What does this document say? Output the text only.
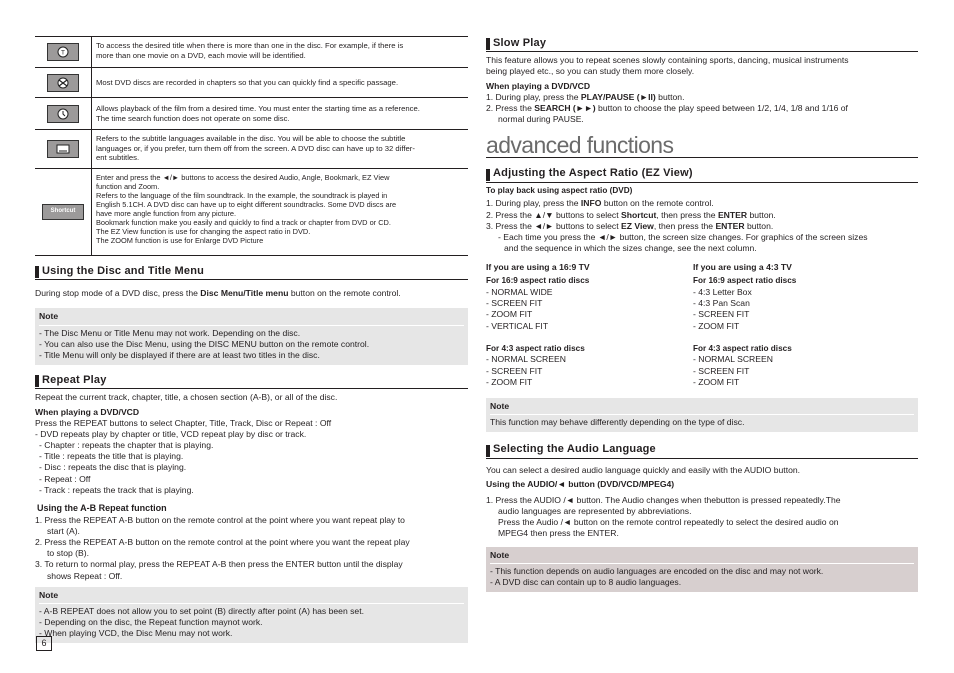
T
To access the desired title when there is more than one in the disc. For example, if there is
more than one movie on a DVD, each movie will be identified.
Most DVD discs are recorded in chapters so that you can quickly find a specific passage.
Allows playback of the film from a desired time. You must enter the starting time as a reference.
The time search function does not operate on some disc.
Refers to the subtitle languages available in the disc. You will be able to choose the subtitle
languages or, if you prefer, turn them off from the screen. A DVD disc can have up to 32 differ-
ent subtitles.
Shortcut
Enter and press the ◄/► buttons to access the desired Audio, Angle, Bookmark, EZ View
function and Zoom.
Refers to the language of the film soundtrack. In the example, the soundtrack is played in
English 5.1CH. A DVD disc can have up to eight different soundtracks. Some DVD discs are
have more angle function from any picture.
Bookmark function make you easily and quickly to find a track or chapter from DVD or CD.
The EZ View function is use for changing the aspect ratio in DVD.
The ZOOM function is use for Enlarge DVD Picture
Using the Disc and Title Menu
During stop mode of a DVD disc, press the Disc Menu/Title menu button on the remote control.
Note
- The Disc Menu or Title Menu may not work. Depending on the disc.
- You can also use the Disc Menu, using the DISC MENU button on the remote control.
- Title Menu will only be displayed if there are at least two titles in the disc.
Repeat Play
Repeat the current track, chapter, title, a chosen section (A-B), or all of the disc.
When playing a DVD/VCD
Press the REPEAT buttons to select Chapter, Title, Track, Disc or Repeat : Off
- DVD repeats play by chapter or title, VCD repeat play by disc or track.
- Chapter : repeats the chapter that is playing.
- Title : repeats the title that is playing.
- Disc : repeats the disc that is playing.
- Repeat : Off
- Track : repeats the track that is playing.
Using the A-B Repeat function
1. Press the REPEAT A-B button on the remote control at the point where you want repeat play to
start (A).
2. Press the REPEAT A-B button on the remote control at the point where you want the repeat play
to stop (B).
3. To return to normal play, press the REPEAT A-B then press the ENTER button until the display
shows Repeat : Off.
Note
- A-B REPEAT does not allow you to set point (B) directly after point (A) has been set.
- Depending on the disc, the Repeat function maynot work.
- When playing VCD, the Disc Menu may not work.
6
Slow Play
This feature allows you to repeat scenes slowly containing sports, dancing, musical instruments
being played etc., so you can study them more closely.
When playing a DVD/VCD
1. During play, press the PLAY/PAUSE (►II) button.
2. Press the SEARCH (►►) button to choose the play speed between 1/2, 1/4, 1/8 and 1/16 of
normal during PAUSE.
advanced functions
Adjusting the Aspect Ratio (EZ View)
To play back using aspect ratio (DVD)
1. During play, press the INFO button on the remote control.
2. Press the ▲/▼ buttons to select Shortcut, then press the ENTER button.
3. Press the ◄/► buttons to select EZ View, then press the ENTER button.
- Each time you press the ◄/► button, the screen size changes. For graphics of the screen sizes
and the sequence in which the sizes change, see the next column.
If you are using a 16:9 TV
For 16:9 aspect ratio discs
- NORMAL WIDE
- SCREEN FIT
- ZOOM FIT
- VERTICAL FIT
For 4:3 aspect ratio discs
- NORMAL SCREEN
- SCREEN FIT
- ZOOM FIT
If you are using a 4:3 TV
For 16:9 aspect ratio discs
- 4:3 Letter Box
- 4:3 Pan Scan
- SCREEN FIT
- ZOOM FIT
For 4:3 aspect ratio discs
- NORMAL SCREEN
- SCREEN FIT
- ZOOM FIT
Note
This function may behave differently depending on the type of disc.
Selecting the Audio Language
You can select a desired audio language quickly and easily with the AUDIO button.
Using the AUDIO/◄ button (DVD/VCD/MPEG4)
1. Press the AUDIO /◄ button. The Audio changes when thebutton is pressed repeatedly.The
audio languages are represented by abbreviations.
Press the Audio /◄ button on the remote control repeatedly to select the desired audio on
MPEG4 then press the ENTER.
Note
- This function depends on audio languages are encoded on the disc and may not work.
- A DVD disc can contain up to 8 audio languages.
